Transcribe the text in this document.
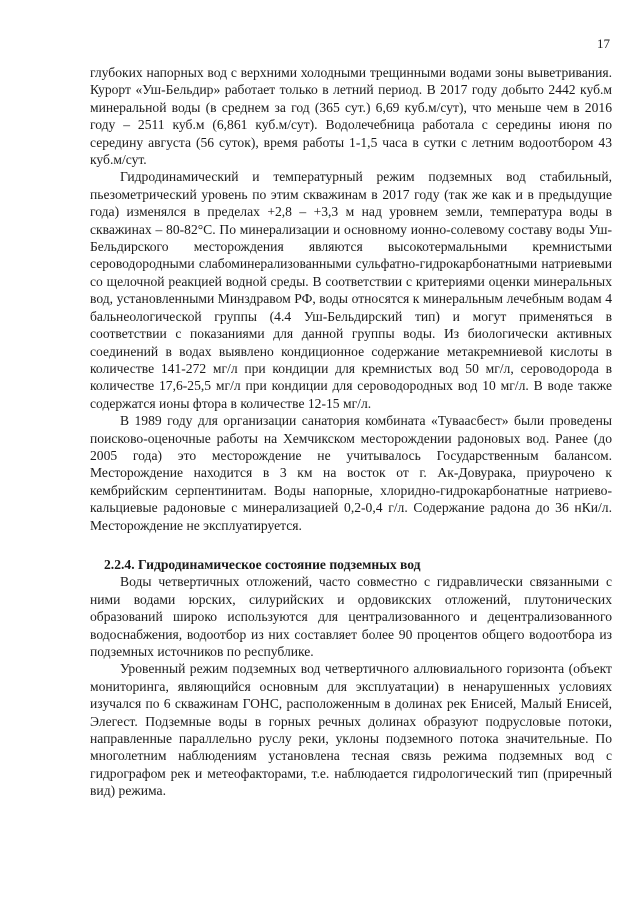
17

глубоких напорных вод с верхними холодными трещинными водами зоны выветривания. Курорт «Уш-Бельдир» работает только в летний период. В 2017 году добыто 2442 куб.м минеральной воды (в среднем за год (365 сут.) 6,69 куб.м/сут), что меньше чем в 2016 году – 2511 куб.м (6,861 куб.м/сут). Водолечебница работала с середины июня по середину августа (56 суток), время работы 1-1,5 часа в сутки с летним водоотбором 43 куб.м/сут.

Гидродинамический и температурный режим подземных вод стабильный, пьезометрический уровень по этим скважинам в 2017 году (так же как и в предыдущие года) изменялся в пределах +2,8 – +3,3 м над уровнем земли, температура воды в скважинах – 80-82°С. По минерализации и основному ионно-солевому составу воды Уш-Бельдирского месторождения являются высокотермальными кремнистыми сероводородными слабоминерализованными сульфатно-гидрокарбонатными натриевыми со щелочной реакцией водной среды. В соответствии с критериями оценки минеральных вод, установленными Минздравом РФ, воды относятся к минеральным лечебным водам 4 бальнеологической группы (4.4 Уш-Бельдирский тип) и могут применяться в соответствии с показаниями для данной группы воды. Из биологически активных соединений в водах выявлено кондиционное содержание метакремниевой кислоты в количестве 141-272 мг/л при кондиции для кремнистых вод 50 мг/л, сероводорода в количестве 17,6-25,5 мг/л при кондиции для сероводородных вод 10 мг/л. В воде также содержатся ионы фтора в количестве 12-15 мг/л.

В 1989 году для организации санатория комбината «Туваасбест» были проведены поисково-оценочные работы на Хемчикском месторождении радоновых вод. Ранее (до 2005 года) это месторождение не учитывалось Государственным балансом. Месторождение находится в 3 км на восток от г. Ак-Довурака, приурочено к кембрийским серпентинитам. Воды напорные, хлоридно-гидрокарбонатные натриево-кальциевые радоновые с минерализацией 0,2-0,4 г/л. Содержание радона до 36 нКи/л. Месторождение не эксплуатируется.

2.2.4. Гидродинамическое состояние подземных вод

Воды четвертичных отложений, часто совместно с гидравлически связанными с ними водами юрских, силурийских и ордовикских отложений, плутонических образований широко используются для централизованного и децентрализованного водоснабжения, водоотбор из них составляет более 90 процентов общего водоотбора из подземных источников по республике.

Уровенный режим подземных вод четвертичного аллювиального горизонта (объект мониторинга, являющийся основным для эксплуатации) в ненарушенных условиях изучался по 6 скважинам ГОНС, расположенным в долинах рек Енисей, Малый Енисей, Элегест. Подземные воды в горных речных долинах образуют подрусловые потоки, направленные параллельно руслу реки, уклоны подземного потока значительные. По многолетним наблюдениям установлена тесная связь режима подземных вод с гидрографом рек и метеофакторами, т.е. наблюдается гидрологический тип (приречный вид) режима.
